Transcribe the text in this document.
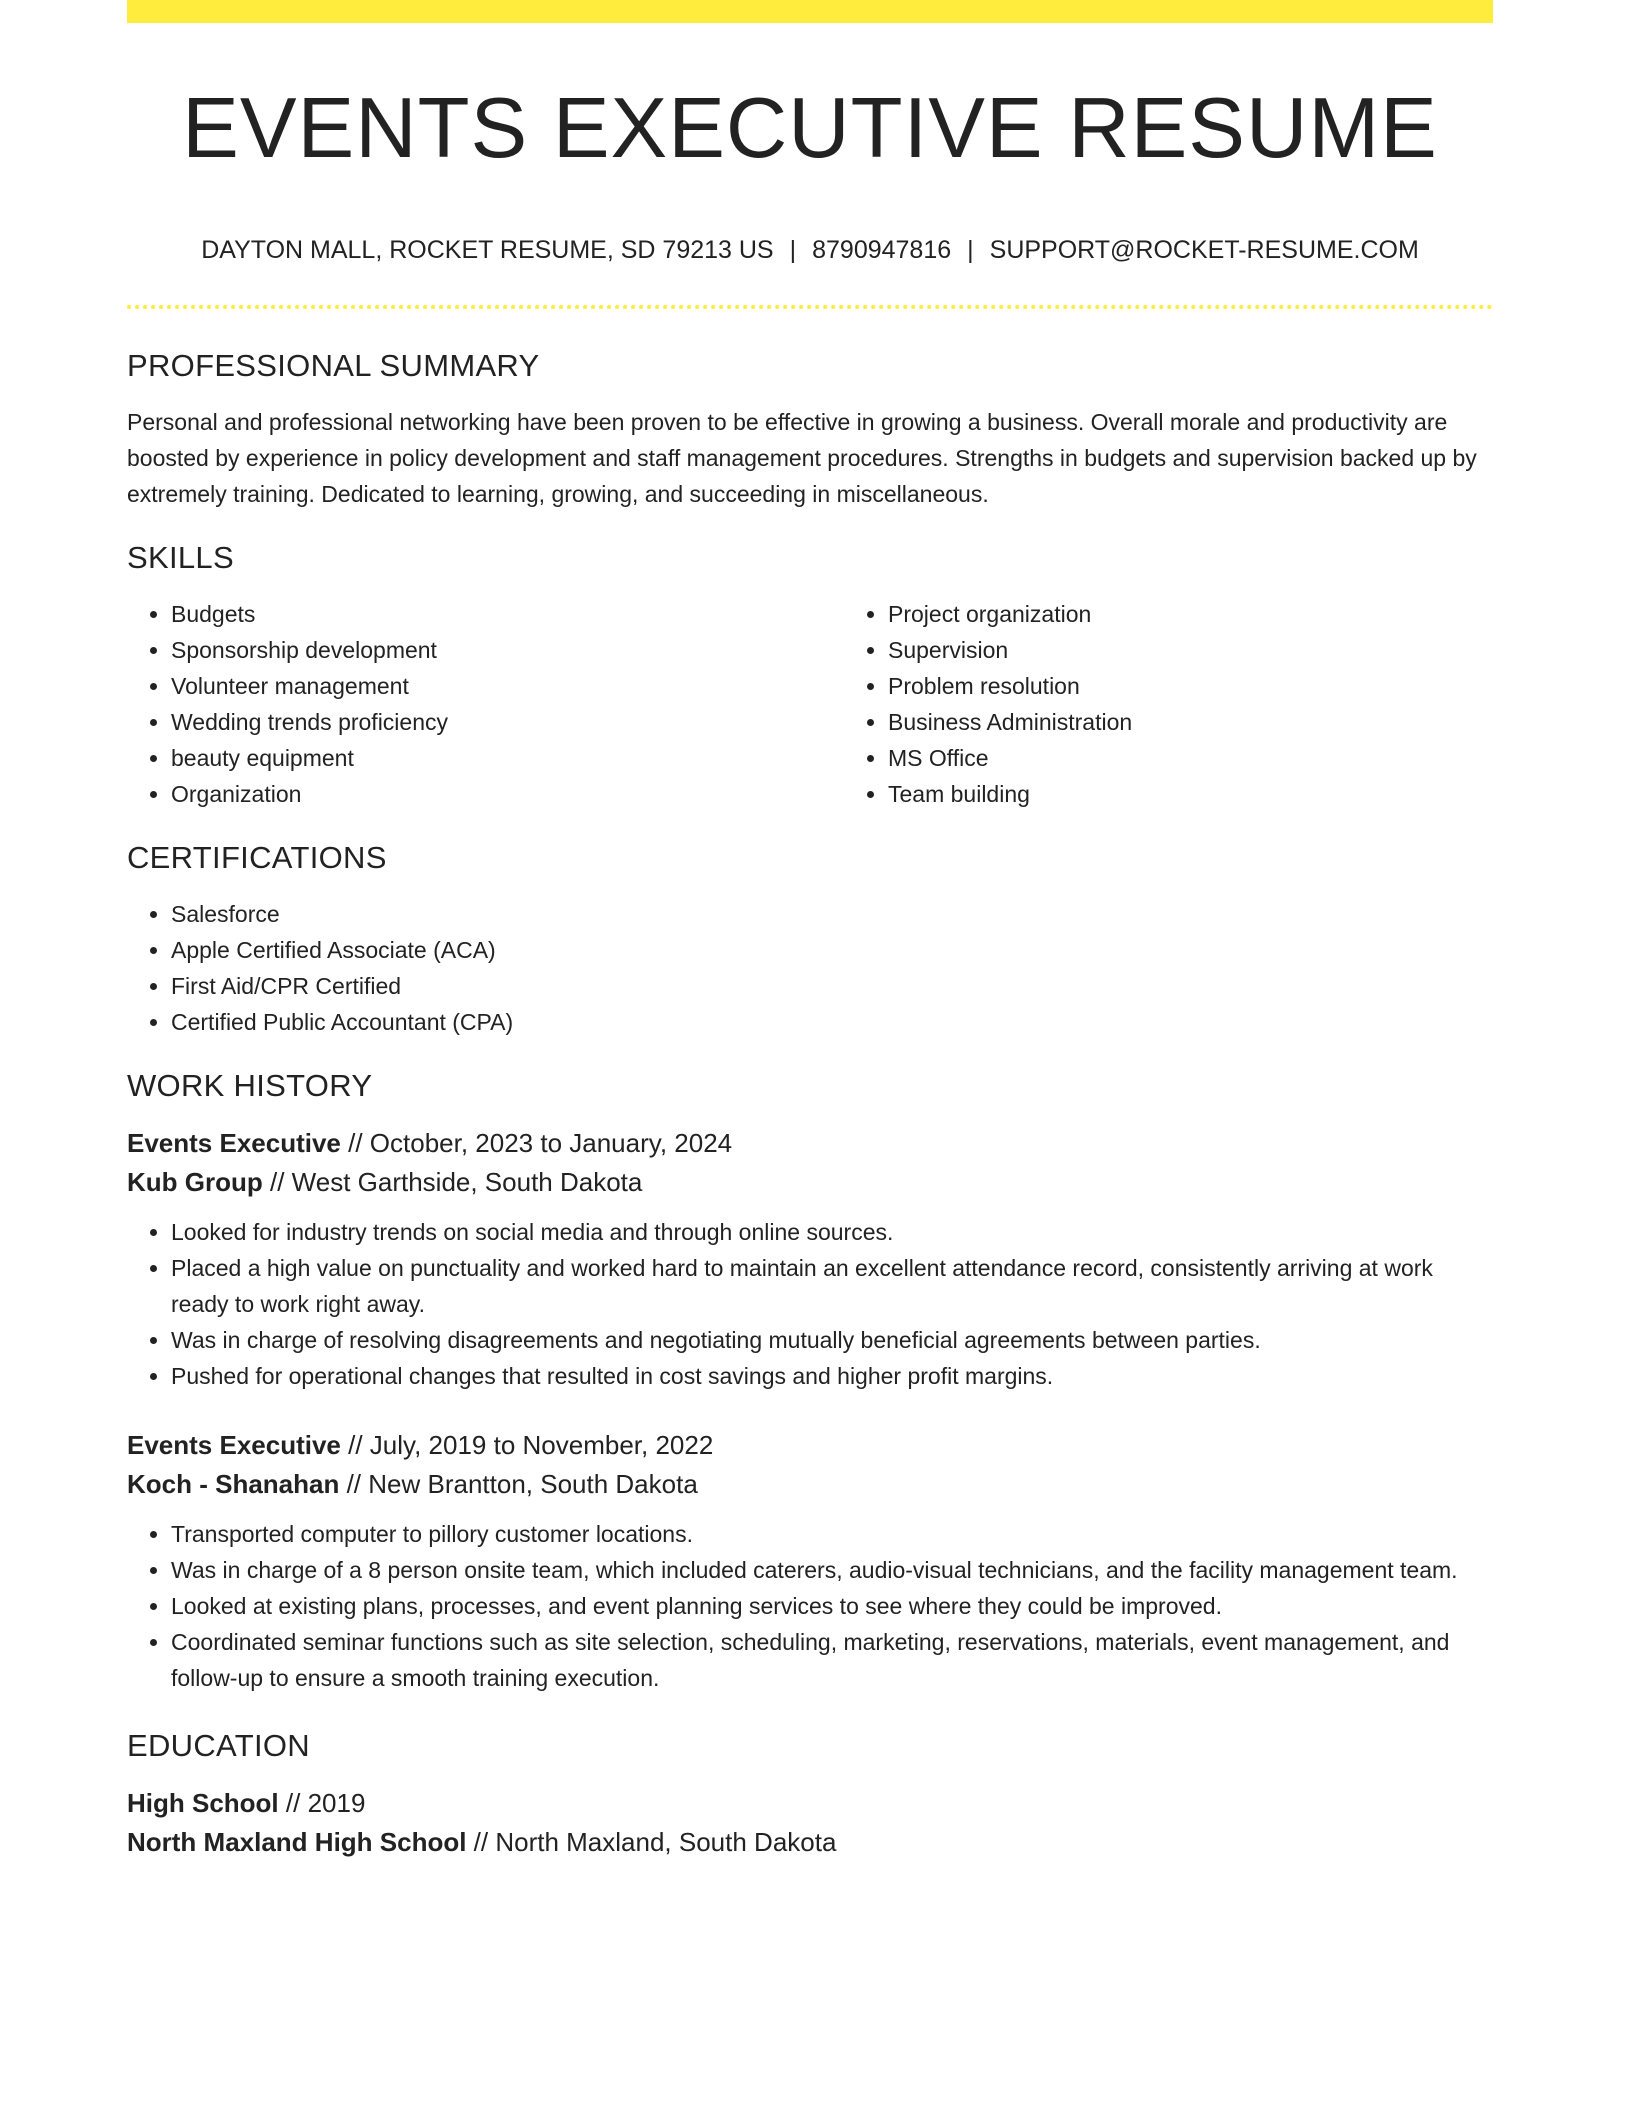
EVENTS EXECUTIVE RESUME
DAYTON MALL, ROCKET RESUME, SD 79213 US | 8790947816 | SUPPORT@ROCKET-RESUME.COM
PROFESSIONAL SUMMARY

Personal and professional networking have been proven to be effective in growing a business. Overall morale and productivity are boosted by experience in policy development and staff management procedures. Strengths in budgets and supervision backed up by extremely training. Dedicated to learning, growing, and succeeding in miscellaneous.

SKILLS
• Budgets
• Sponsorship development
• Volunteer management
• Wedding trends proficiency
• beauty equipment
• Organization
• Project organization
• Supervision
• Problem resolution
• Business Administration
• MS Office
• Team building
CERTIFICATIONS
• Salesforce
• Apple Certified Associate (ACA)
• First Aid/CPR Certified
• Certified Public Accountant (CPA)
WORK HISTORY

Events Executive // October, 2023 to January, 2024

Kub Group // West Garthside, South Dakota

• Looked for industry trends on social media and through online sources.
• Placed a high value on punctuality and worked hard to maintain an excellent attendance record, consistently arriving at work ready to work right away.
• Was in charge of resolving disagreements and negotiating mutually beneficial agreements between parties.
• Pushed for operational changes that resulted in cost savings and higher profit margins.

Events Executive // July, 2019 to November, 2022

Koch - Shanahan // New Brantton, South Dakota

• Transported computer to pillory customer locations.
• Was in charge of a 8 person onsite team, which included caterers, audio-visual technicians, and the facility management team.
• Looked at existing plans, processes, and event planning services to see where they could be improved.
• Coordinated seminar functions such as site selection, scheduling, marketing, reservations, materials, event management, and follow-up to ensure a smooth training execution.
EDUCATION

High School // 2019

North Maxland High School // North Maxland, South Dakota
